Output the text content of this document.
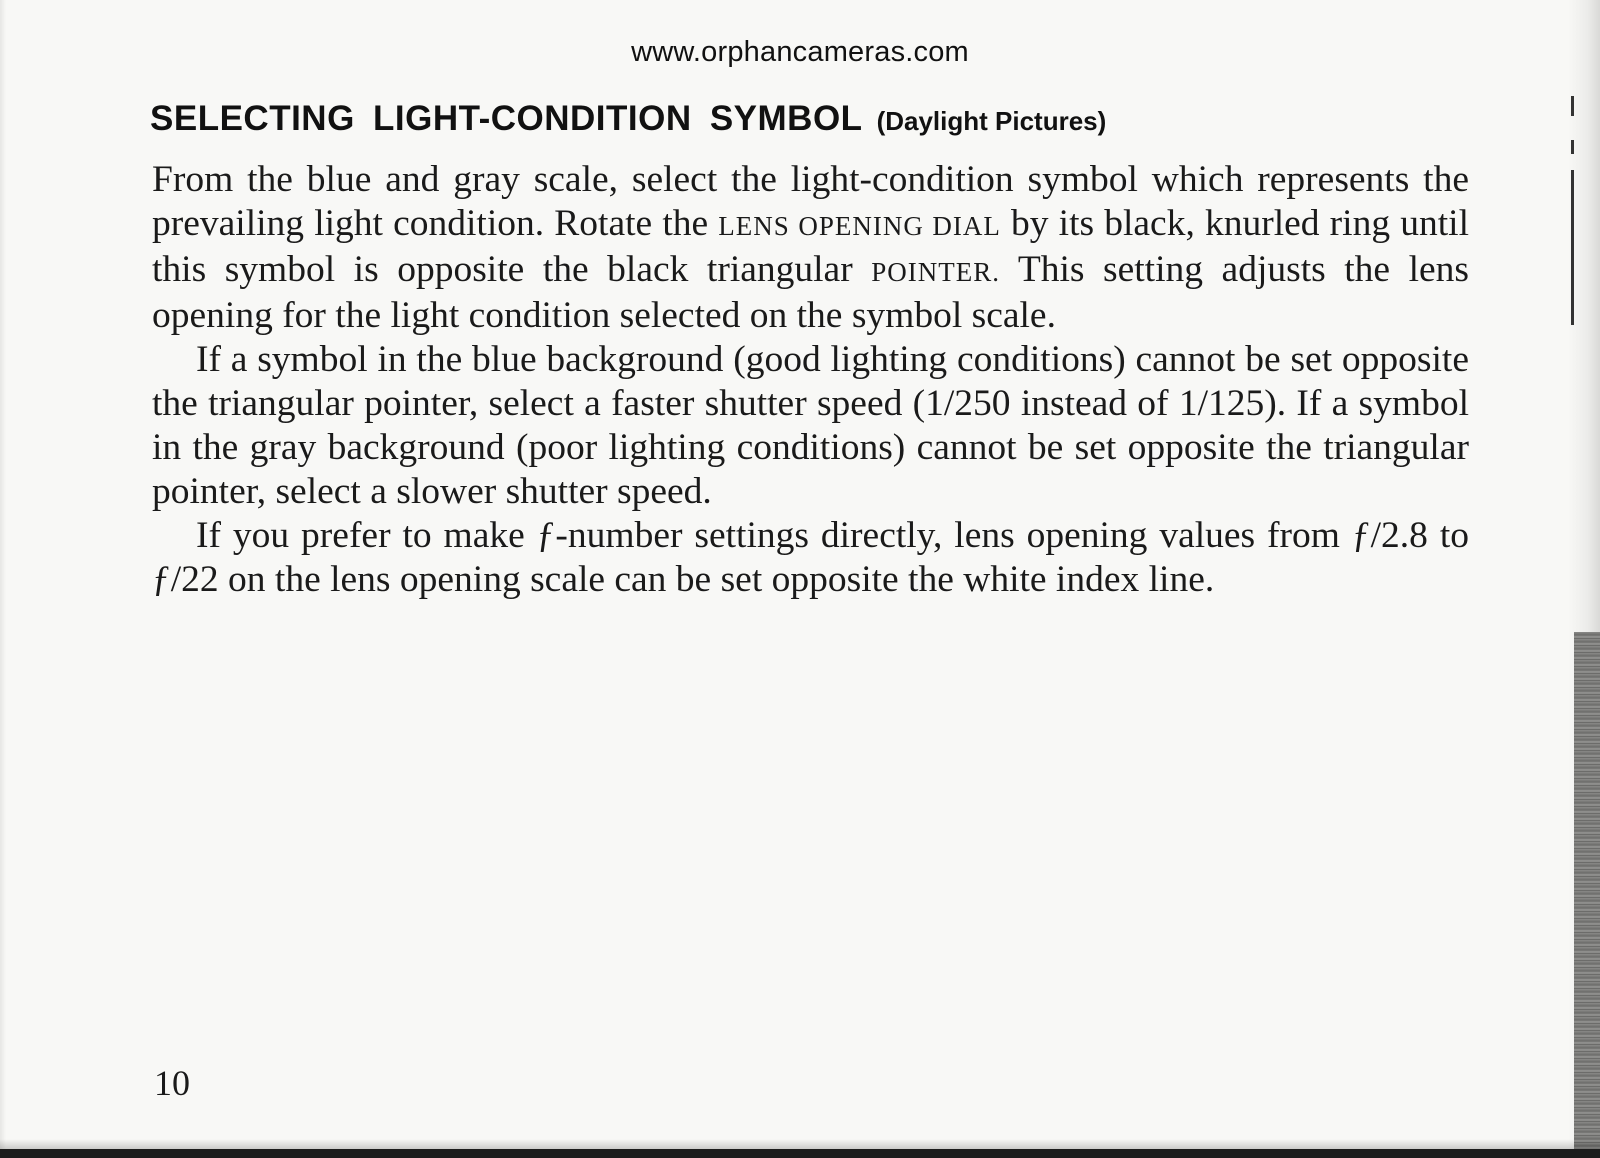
www.orphancameras.com
SELECTING LIGHT-CONDITION SYMBOL (Daylight Pictures)

From the blue and gray scale, select the light-condition symbol which represents the prevailing light condition. Rotate the LENS OPENING DIAL by its black, knurled ring until this symbol is opposite the black triangular POINTER. This setting adjusts the lens opening for the light condition selected on the symbol scale.

If a symbol in the blue background (good lighting conditions) cannot be set opposite the triangular pointer, select a faster shutter speed (1/250 instead of 1/125). If a symbol in the gray background (poor lighting conditions) cannot be set opposite the triangular pointer, select a slower shutter speed.

If you prefer to make ƒ-number settings directly, lens opening values from ƒ/2.8 to ƒ/22 on the lens opening scale can be set opposite the white index line.

10
